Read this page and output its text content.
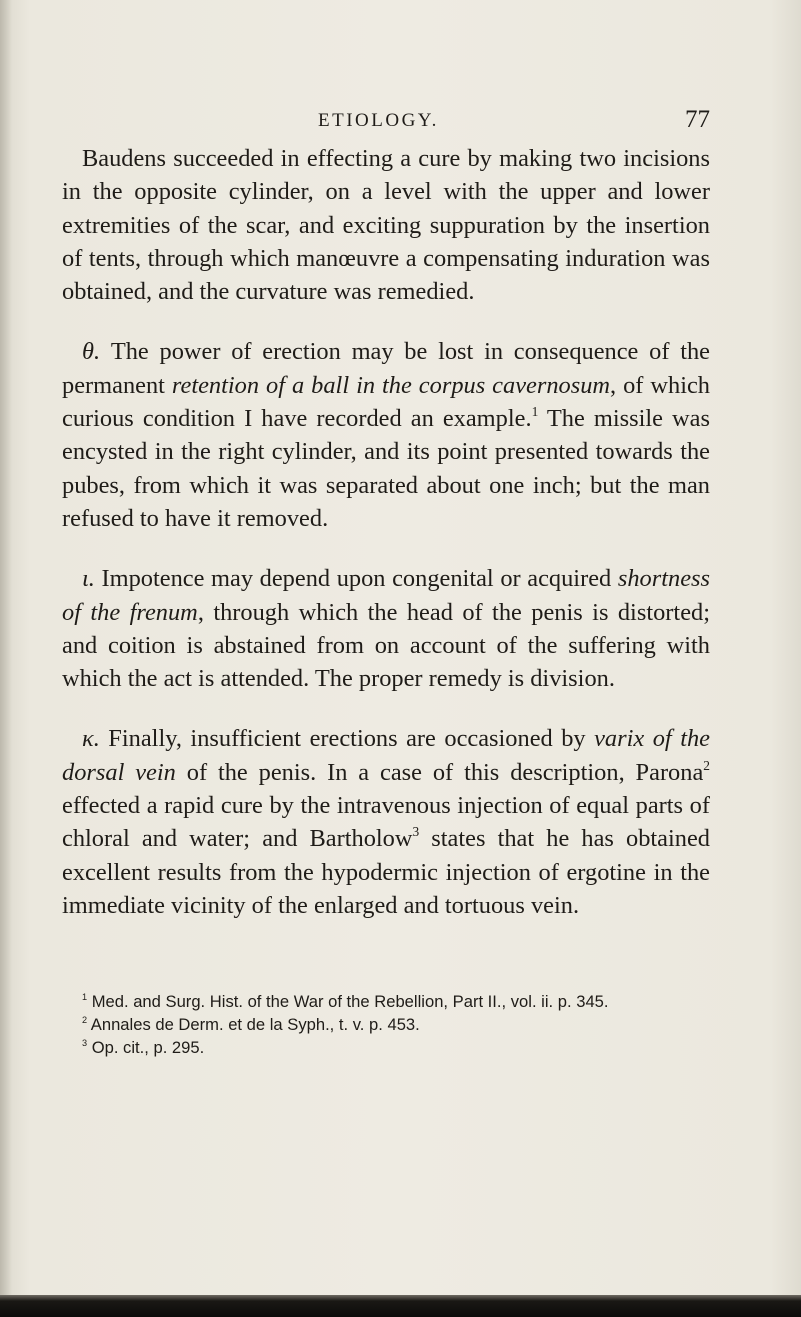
ETIOLOGY.	77

Baudens succeeded in effecting a cure by making two incisions in the opposite cylinder, on a level with the upper and lower extremities of the scar, and exciting suppuration by the insertion of tents, through which manœuvre a compensating induration was obtained, and the curvature was remedied.

θ. The power of erection may be lost in consequence of the permanent retention of a ball in the corpus cavernosum, of which curious condition I have recorded an example.$^1$ The missile was encysted in the right cylinder, and its point presented towards the pubes, from which it was separated about one inch; but the man refused to have it removed.

ι. Impotence may depend upon congenital or acquired shortness of the frenum, through which the head of the penis is distorted; and coition is abstained from on account of the suffering with which the act is attended. The proper remedy is division.

κ. Finally, insufficient erections are occasioned by varix of the dorsal vein of the penis. In a case of this description, Parona$^2$ effected a rapid cure by the intravenous injection of equal parts of chloral and water; and Bartholow$^3$ states that he has obtained excellent results from the hypodermic injection of ergotine in the immediate vicinity of the enlarged and tortuous vein.

$^1$ Med. and Surg. Hist. of the War of the Rebellion, Part II., vol. ii. p. 345.

$^2$ Annales de Derm. et de la Syph., t. v. p. 453.

$^3$ Op. cit., p. 295.
